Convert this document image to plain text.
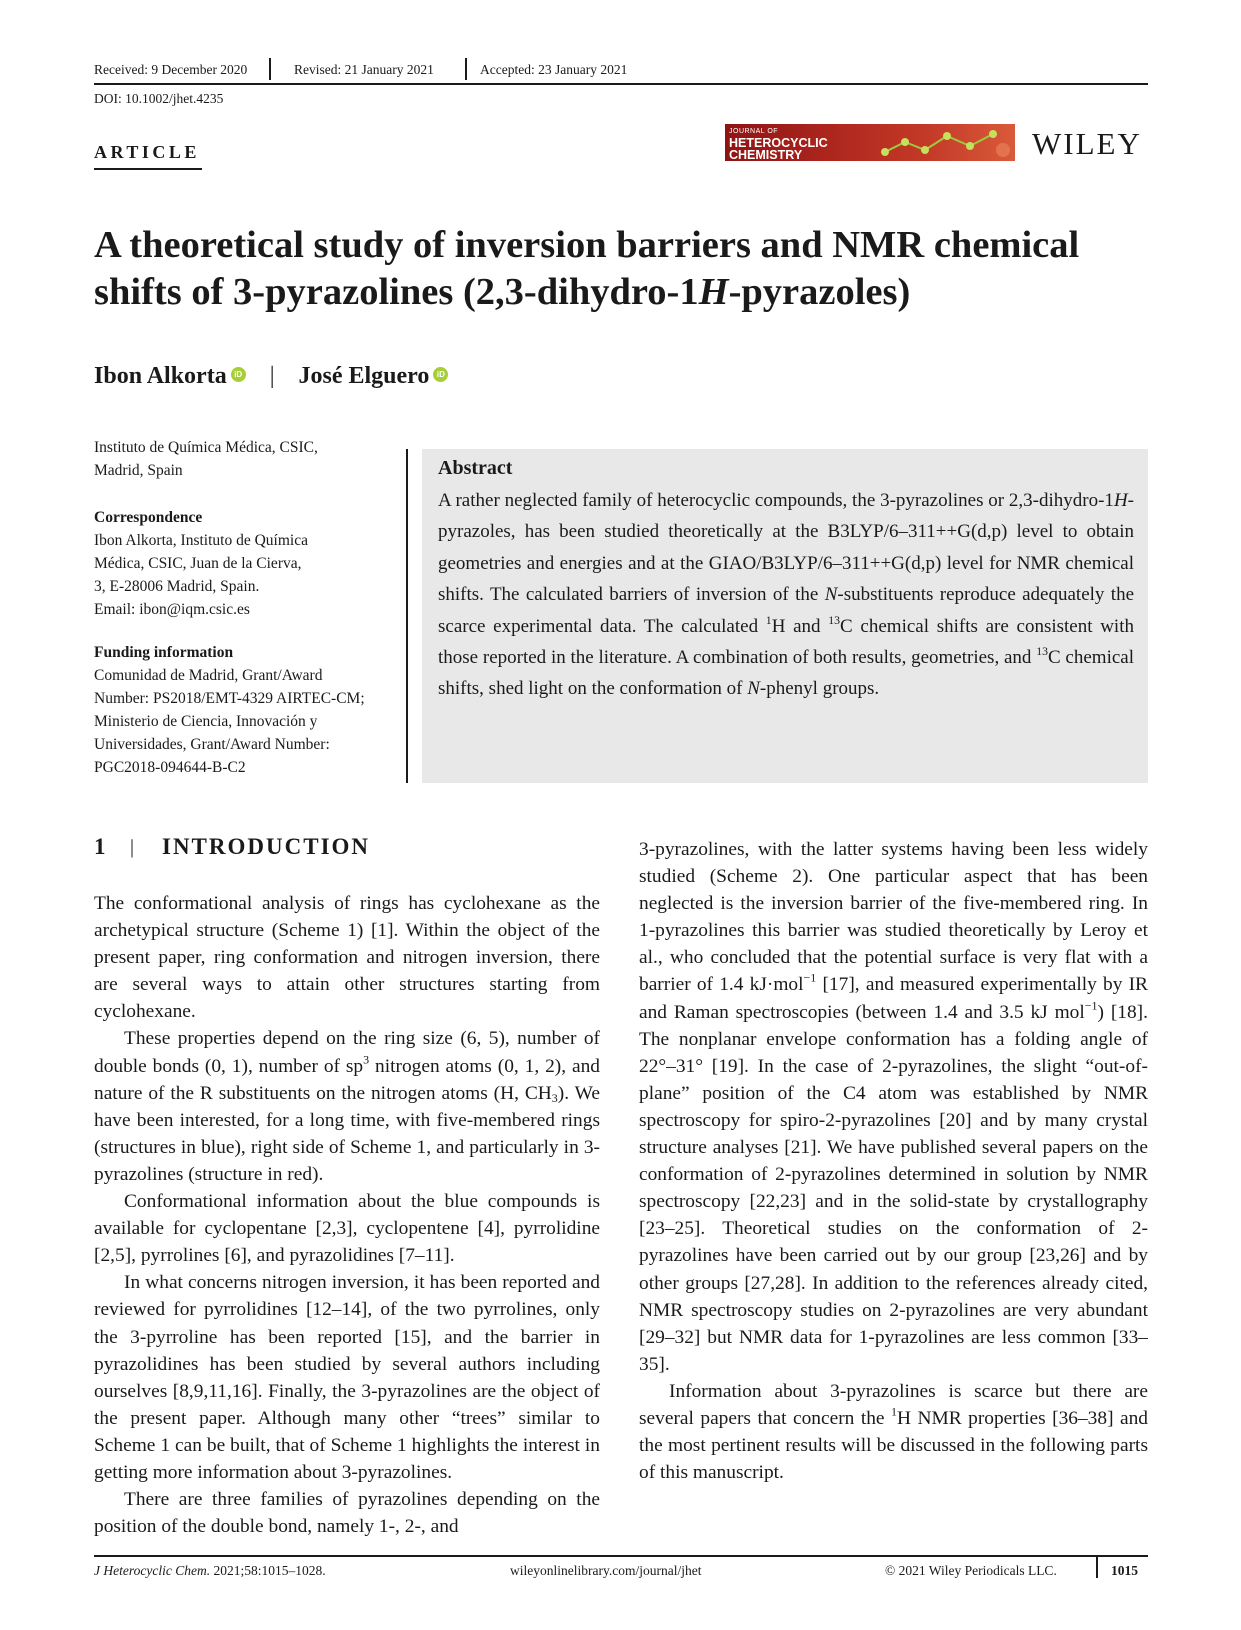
Received: 9 December 2020	Revised: 21 January 2021	Accepted: 23 January 2021
DOI: 10.1002/jhet.4235
ARTICLE
JOURNAL OF
HETEROCYCLIC
CHEMISTRY	WILEY
A theoretical study of inversion barriers and NMR chemical
shifts of 3-pyrazolines (2,3-dihydro-1H-pyrazoles)
Ibon Alkorta iD | José Elguero iD
Instituto de Química Médica, CSIC,
Madrid, Spain
Correspondence
Ibon Alkorta, Instituto de Química
Médica, CSIC, Juan de la Cierva,
3, E-28006 Madrid, Spain.
Email: ibon@iqm.csic.es
Funding information
Comunidad de Madrid, Grant/Award
Number: PS2018/EMT-4329 AIRTEC-CM;
Ministerio de Ciencia, Innovación y
Universidades, Grant/Award Number:
PGC2018-094644-B-C2
Abstract
A rather neglected family of heterocyclic compounds, the 3-pyrazolines or 2,3-dihydro-1H-pyrazoles, has been studied theoretically at the B3LYP/6–311++G(d,p) level to obtain geometries and energies and at the GIAO/B3LYP/6–311++G(d,p) level for NMR chemical shifts. The calculated barriers of inversion of the N-substituents reproduce adequately the scarce experimental data. The calculated $^1$H and $^{13}$C chemical shifts are consistent with those reported in the literature. A combination of both results, geometries, and $^{13}$C chemical shifts, shed light on the conformation of N-phenyl groups.
1 | INTRODUCTION

The conformational analysis of rings has cyclohexane as the archetypical structure (Scheme 1) [1]. Within the object of the present paper, ring conformation and nitrogen inversion, there are several ways to attain other structures starting from cyclohexane.

These properties depend on the ring size (6, 5), number of double bonds (0, 1), number of $sp^3$ nitrogen atoms (0, 1, 2), and nature of the R substituents on the nitrogen atoms (H, $CH_3$). We have been interested, for a long time, with five-membered rings (structures in blue), right side of Scheme 1, and particularly in 3-pyrazolines (structure in red).

Conformational information about the blue compounds is available for cyclopentane [2,3], cyclopentene [4], pyrrolidine [2,5], pyrrolines [6], and pyrazolidines [7–11].

In what concerns nitrogen inversion, it has been reported and reviewed for pyrrolidines [12–14], of the two pyrrolines, only the 3-pyrroline has been reported [15], and the barrier in pyrazolidines has been studied by several authors including ourselves [8,9,11,16]. Finally, the 3-pyrazolines are the object of the present paper. Although many other “trees” similar to Scheme 1 can be built, that of Scheme 1 highlights the interest in getting more information about 3-pyrazolines.

There are three families of pyrazolines depending on the position of the double bond, namely 1-, 2-, and

3-pyrazolines, with the latter systems having been less widely studied (Scheme 2). One particular aspect that has been neglected is the inversion barrier of the five-membered ring. In 1-pyrazolines this barrier was studied theoretically by Leroy et al., who concluded that the potential surface is very flat with a barrier of 1.4 kJ·mol$^{-1}$ [17], and measured experimentally by IR and Raman spectroscopies (between 1.4 and 3.5 kJ mol$^{-1}$) [18]. The nonplanar envelope conformation has a folding angle of 22°–31° [19]. In the case of 2-pyrazolines, the slight “out-of-plane” position of the C4 atom was established by NMR spectroscopy for spiro-2-pyrazolines [20] and by many crystal structure analyses [21]. We have published several papers on the conformation of 2-pyrazolines determined in solution by NMR spectroscopy [22,23] and in the solid-state by crystallography [23–25]. Theoretical studies on the conformation of 2-pyrazolines have been carried out by our group [23,26] and by other groups [27,28]. In addition to the references already cited, NMR spectroscopy studies on 2-pyrazolines are very abundant [29–32] but NMR data for 1-pyrazolines are less common [33–35].

Information about 3-pyrazolines is scarce but there are several papers that concern the $^1$H NMR properties [36–38] and the most pertinent results will be discussed in the following parts of this manuscript.

J Heterocyclic Chem. 2021;58:1015–1028.	wileyonlinelibrary.com/journal/jhet	© 2021 Wiley Periodicals LLC.	1015
